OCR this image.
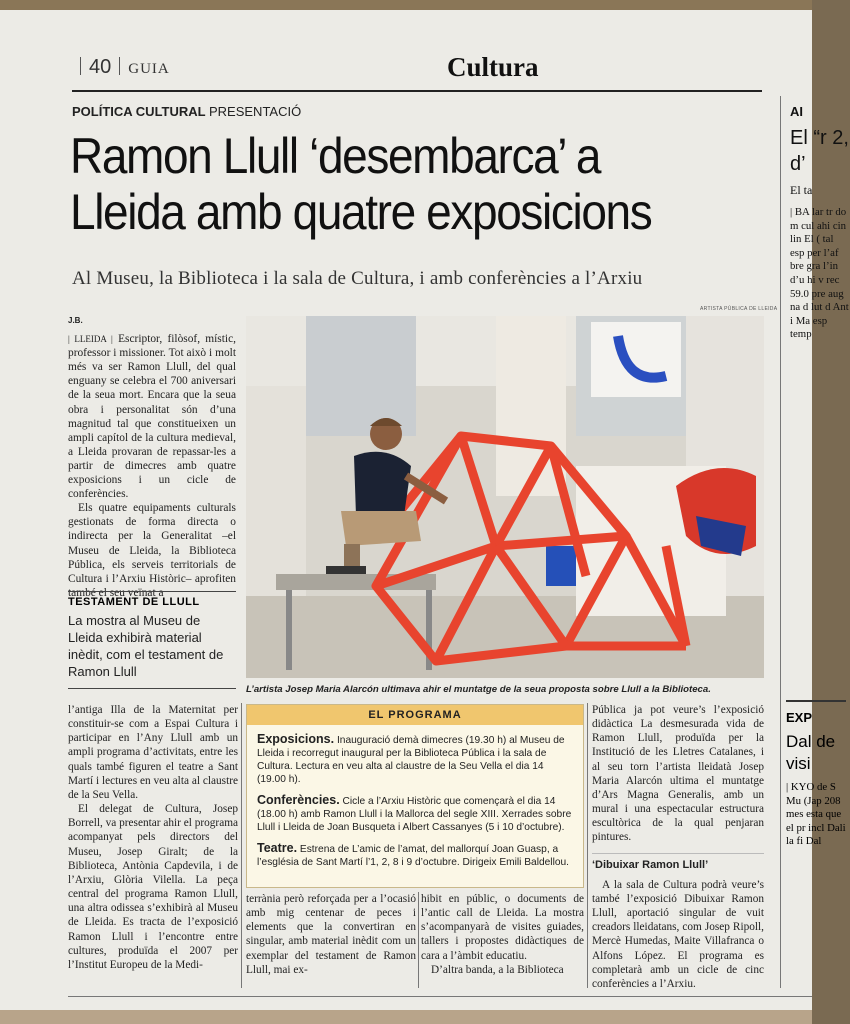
40 GUIA	Cultura
POLÍTICA CULTURAL PRESENTACIÓ
Ramon Llull ‘desembarca’ a Lleida amb quatre exposicions
Al Museu, la Biblioteca i la sala de Cultura, i amb conferències a l’Arxiu
J.B.

| LLEIDA | Escriptor, filòsof, místic, professor i missioner. Tot això i molt més va ser Ramon Llull, del qual enguany se celebra el 700 aniversari de la seua mort. Encara que la seua obra i personalitat són d’una magnitud tal que constitueixen un ampli capítol de la cultura medieval, a Lleida provaran de repassar-les a partir de dimecres amb quatre exposicions i un cicle de conferències.

Els quatre equipaments culturals gestionats de forma directa o indirecta per la Generalitat –el Museu de Lleida, la Biblioteca Pública, els serveis territorials de Cultura i l’Arxiu Històric– aprofiten també el seu veïnat a

TESTAMENT DE LLULL
La mostra al Museu de Lleida exhibirà material inèdit, com el testament de Ramon Llull
ARTISTA PÚBLICA DE LLEIDA
L’artista Josep Maria Alarcón ultimava ahir el muntatge de la seua proposta sobre Llull a la Biblioteca.

l’antiga Illa de la Maternitat per constituir-se com a Espai Cultura i participar en l’Any Llull amb un ampli programa d’activitats, entre les quals també figuren el teatre a Sant Martí i lectures en veu alta al claustre de la Seu Vella.

El delegat de Cultura, Josep Borrell, va presentar ahir el programa acompanyat pels directors del Museu, Josep Giralt; de la Biblioteca, Antònia Capdevila, i de l’Arxiu, Glòria Vilella. La peça central del programa Ramon Llull, una altra odissea s’exhibirà al Museu de Lleida. Es tracta de l’exposició Ramon Llull i l’encontre entre cultures, produïda el 2007 per l’Institut Europeu de la Medi-

EL PROGRAMA

Exposicions. Inauguració demà dimecres (19.30 h) al Museu de Lleida i recorregut inaugural per la Biblioteca Pública i la sala de Cultura. Lectura en veu alta al claustre de la Seu Vella el dia 14 (19.00 h).

Conferències. Cicle a l’Arxiu Històric que començarà el dia 14 (18.00 h) amb Ramon Llull i la Mallorca del segle XIII. Xerrades sobre Llull i Lleida de Joan Busqueta i Albert Cassanyes (5 i 10 d’octubre).

Teatre. Estrena de L’amic de l’amat, del mallorquí Joan Guasp, a l’església de Sant Martí l’1, 2, 8 i 9 d’octubre. Dirigeix Emili Baldellou.

terrània però reforçada per a l’ocasió amb mig centenar de peces i elements que la convertiran en singular, amb material inèdit com un exemplar del testament de Ramon Llull, mai ex-

hibit en públic, o documents de l’antic call de Lleida. La mostra s’acompanyarà de visites guiades, tallers i propostes didàctiques de cara a l’àmbit educatiu.

D’altra banda, a la Biblioteca

Pública ja pot veure’s l’exposició didàctica La desmesurada vida de Ramon Llull, produïda per la Institució de les Lletres Catalanes, i al seu torn l’artista lleidatà Josep Maria Alarcón ultima el muntatge d’Ars Magna Generalis, amb un mural i una espectacular estructura escultòrica de la qual penjaran pintures.

‘Dibuixar Ramon Llull’

A la sala de Cultura podrà veure’s també l’exposició Dibuixar Ramon Llull, aportació singular de vuit creadors lleidatans, com Josep Ripoll, Mercè Humedas, Maite Villafranca o Alfons López. El programa es completarà amb un cicle de cinc conferències a l’Arxiu.

AI
El “r 2, d’
El ta
| BA lar tr do m cul ahi cin lin El ( tal esp per l’af bre gra l’in d’u hi v rec 59.0 pre aug na d lut d Ant i Ma esp temp
EXP
Dal de visi
| KYO de S Mu (Jap 208 mes esta que el pr incl Dali la fi Dal
